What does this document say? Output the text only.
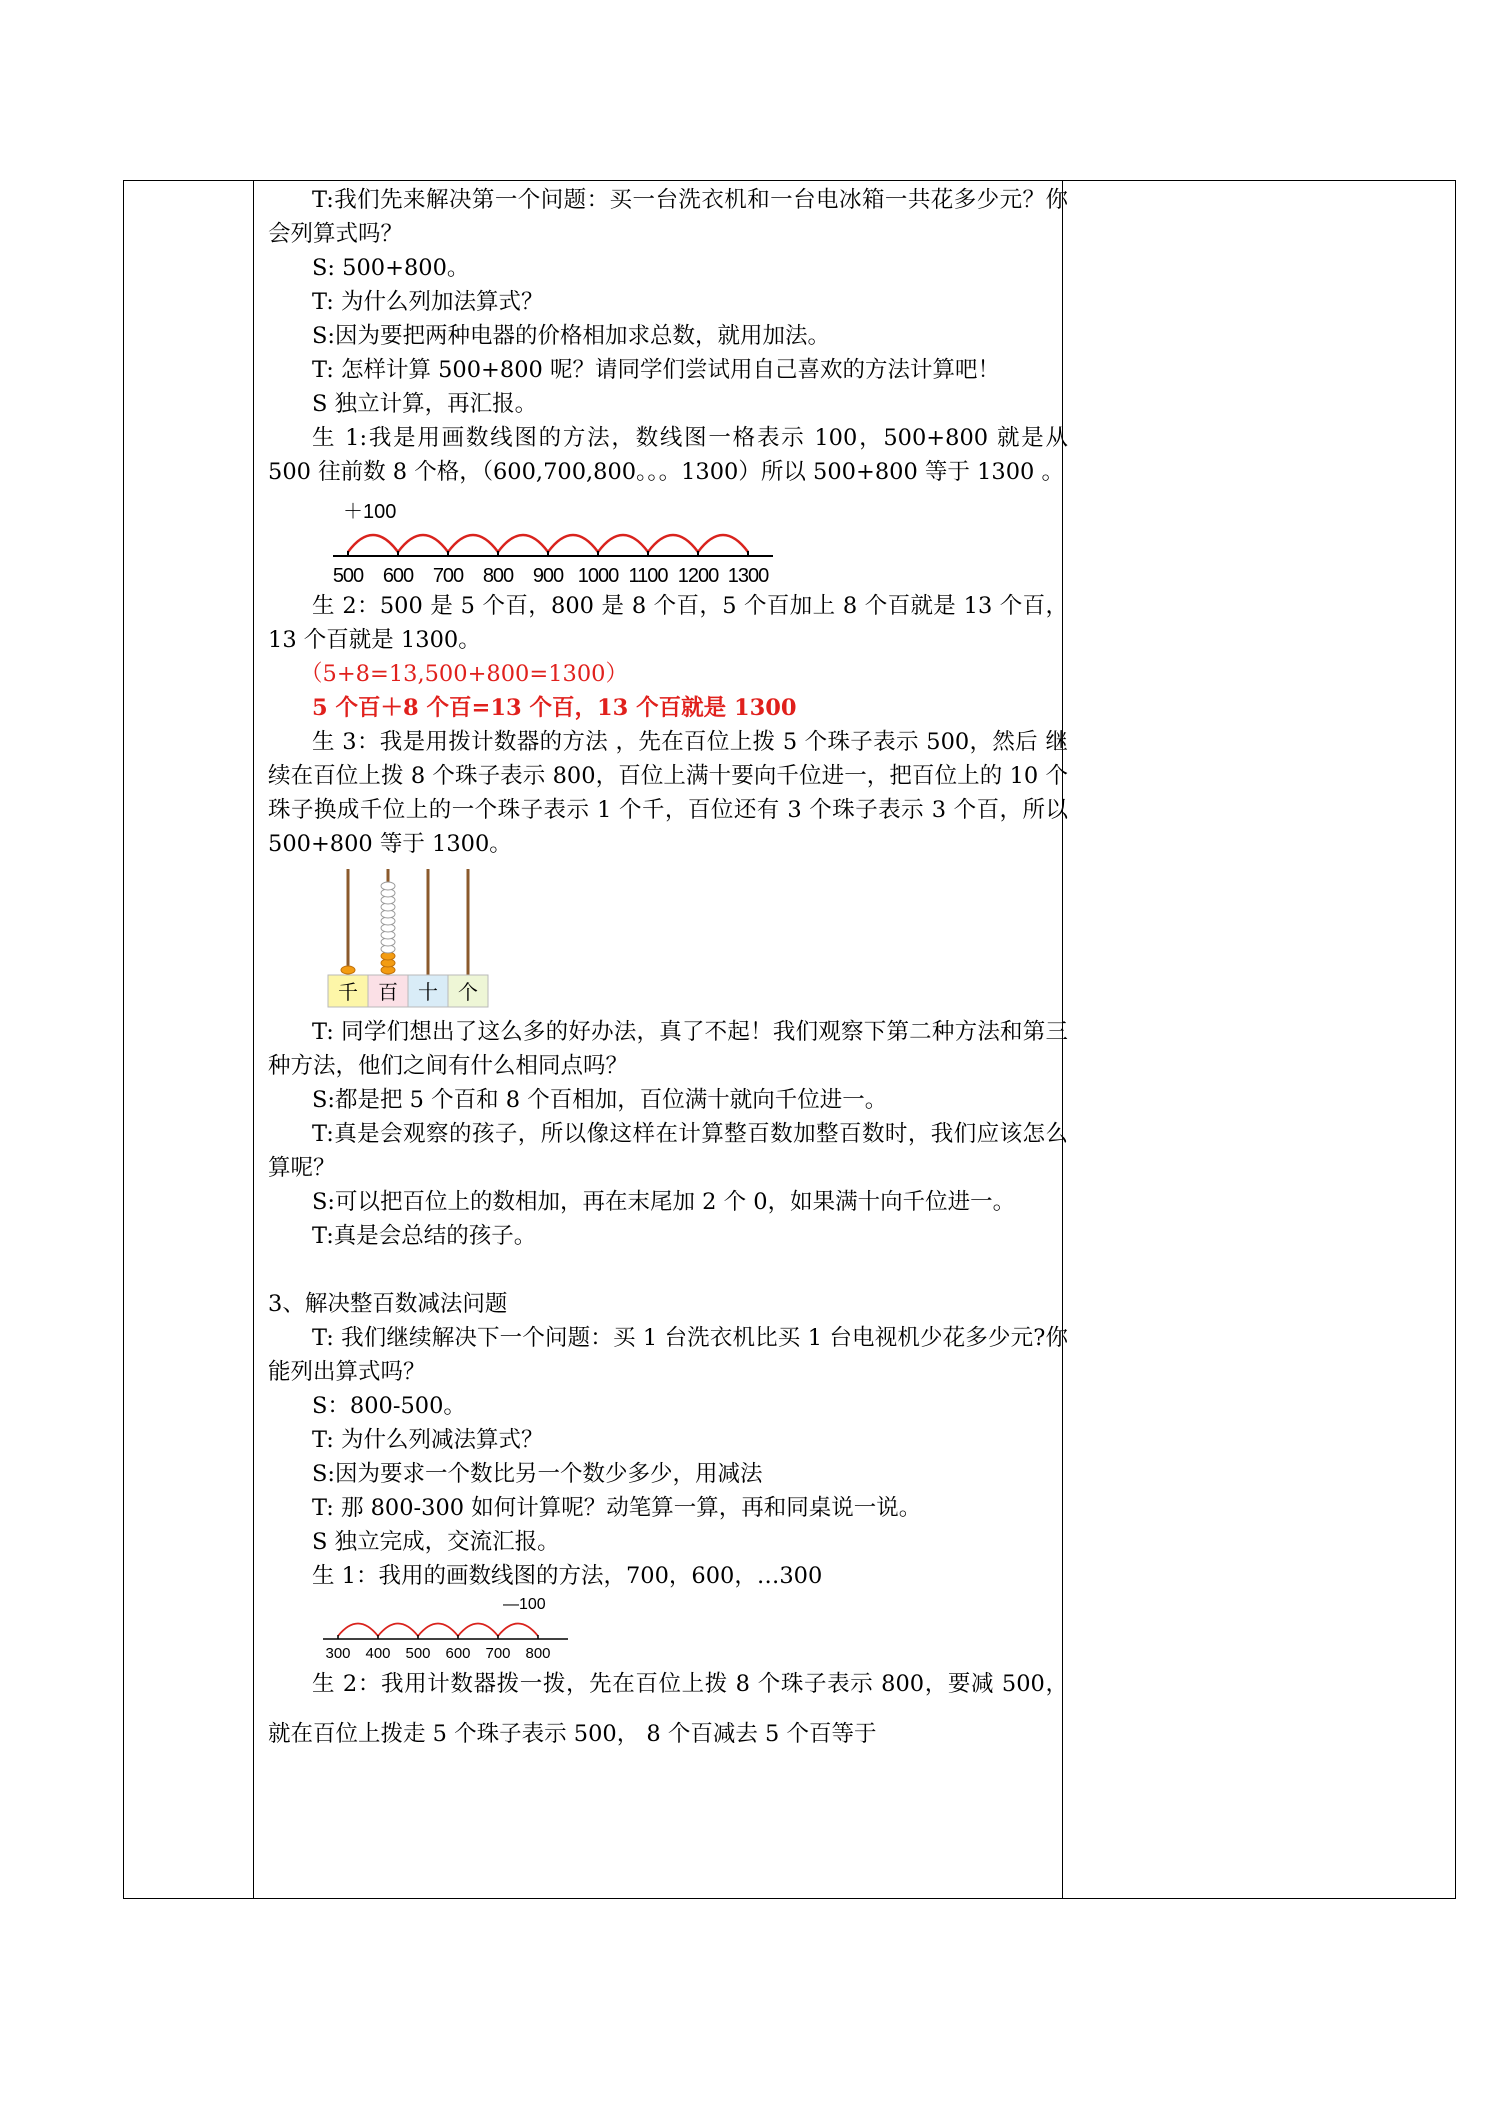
T:我们先来解决第一个问题：买一台洗衣机和一台电冰箱一共花多少元？你会列算式吗？

S: 500+800。

T: 为什么列加法算式？

S:因为要把两种电器的价格相加求总数，就用加法。

T: 怎样计算 500+800 呢？请同学们尝试用自己喜欢的方法计算吧！

S 独立计算，再汇报。

生 1:我是用画数线图的方法，数线图一格表示 100，500+800 就是从 500 往前数 8 个格，（600,700,800。。。1300）所以 500+800 等于 1300 。

＋100
500 600 700 800 900 1000 1100 1200 1300

生 2：500 是 5 个百，800 是 8 个百，5 个百加上 8 个百就是 13 个百，13 个百就是 1300。

（5+8=13,500+800=1300）

5 个百＋8 个百=13 个百，13 个百就是 1300

生 3：我是用拨计数器的方法 ，先在百位上拨 5 个珠子表示 500，然后 继续在百位上拨 8 个珠子表示 800，百位上满十要向千位进一，把百位上的 10 个珠子换成千位上的一个珠子表示 1 个千，百位还有 3 个珠子表示 3 个百，所以 500+800 等于 1300。

千 百 十 个

T: 同学们想出了这么多的好办法，真了不起！我们观察下第二种方法和第三种方法，他们之间有什么相同点吗？

S:都是把 5 个百和 8 个百相加，百位满十就向千位进一。

T:真是会观察的孩子，所以像这样在计算整百数加整百数时，我们应该怎么算呢？

S:可以把百位上的数相加，再在末尾加 2 个 0，如果满十向千位进一。

T:真是会总结的孩子。

3、解决整百数减法问题

T: 我们继续解决下一个问题：买 1 台洗衣机比买 1 台电视机少花多少元?你能列出算式吗？

S：800-500。

T: 为什么列减法算式？

S:因为要求一个数比另一个数少多少，用减法

T: 那 800-300 如何计算呢？动笔算一算，再和同桌说一说。

S 独立完成，交流汇报。

生 1：我用的画数线图的方法，700，600，…300

—100
300 400 500 600 700 800

生 2：我用计数器拨一拨，先在百位上拨 8 个珠子表示 800，要减 500，就在百位上拨走 5 个珠子表示 500， 8 个百减去 5 个百等于
